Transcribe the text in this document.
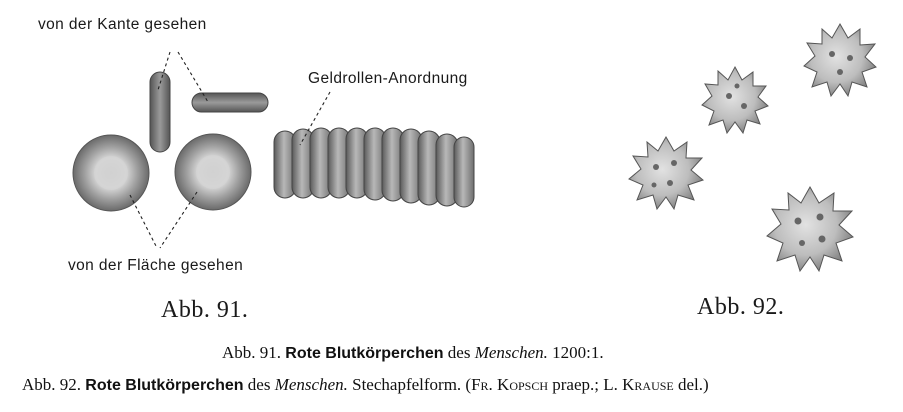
von der Kante gesehen
Geldrollen-Anordnung
von der Fläche gesehen
Abb. 91.	Abb. 92.
Abb. 91. Rote Blutkörperchen des Menschen. 1200:1.
Abb. 92. Rote Blutkörperchen des Menschen. Stechapfelform. (Fr. Kopsch praep.; L. Krause del.)
